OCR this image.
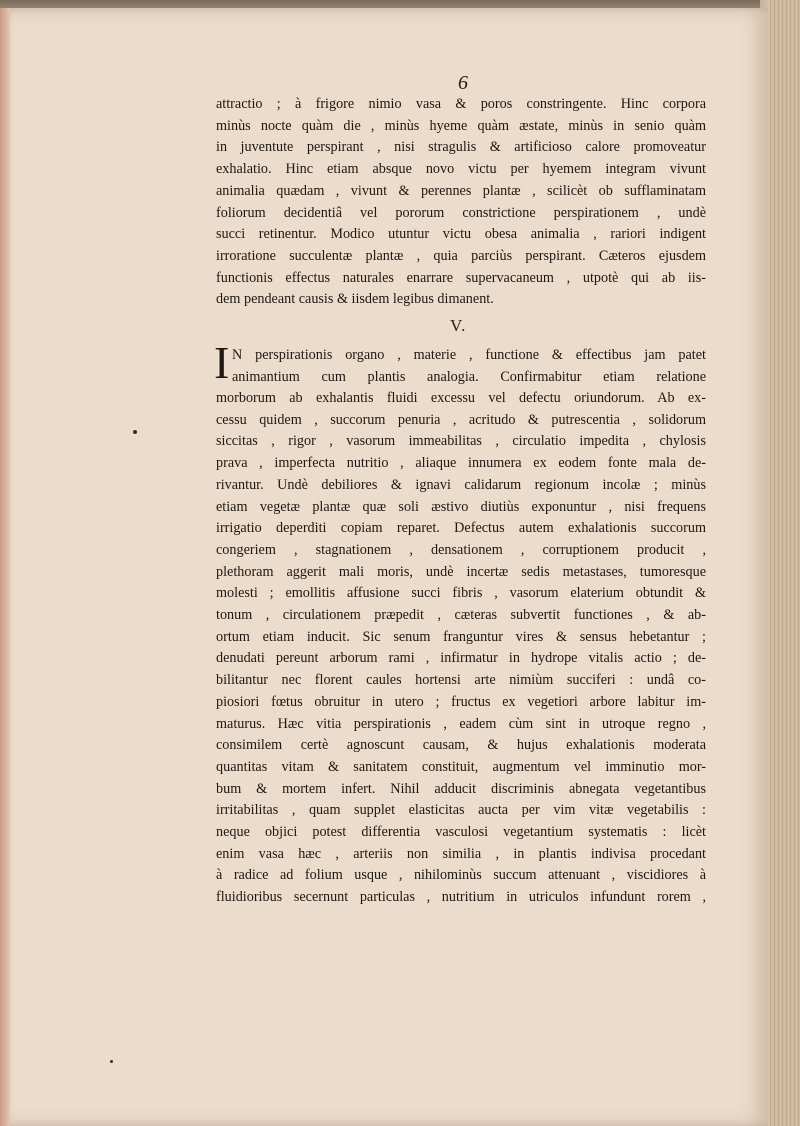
6
attractio ; à frigore nimio vasa & poros constringente. Hinc corpora
minùs nocte quàm die , minùs hyeme quàm æstate, minùs in senio quàm
in juventute perspirant , nisi stragulis & artificioso calore promoveatur
exhalatio. Hinc etiam absque novo victu per hyemem integram vivunt
animalia quædam , vivunt & perennes plantæ , scilicèt ob sufflaminatam
foliorum decidentiâ vel pororum constrictione perspirationem , undè
succi retinentur. Modico utuntur victu obesa animalia , rariori indigent
irroratione succulentæ plantæ , quia parciùs perspirant. Cæteros ejusdem
functionis effectus naturales enarrare supervacaneum , utpotè qui ab iis-
dem pendeant causis & iisdem legibus dimanent.
V.
I N perspirationis organo , materie , functione & effectibus jam patet
animantium cum plantis analogia. Confirmabitur etiam relatione
morborum ab exhalantis fluidi excessu vel defectu oriundorum. Ab ex-
cessu quidem , succorum penuria , acritudo & putrescentia , solidorum
siccitas , rigor , vasorum immeabilitas , circulatio impedita , chylosis
prava , imperfecta nutritio , aliaque innumera ex eodem fonte mala de-
rivantur. Undè debiliores & ignavi calidarum regionum incolæ ; minùs
etiam vegetæ plantæ quæ soli æstivo diutiùs exponuntur , nisi frequens
irrigatio deperditi copiam reparet. Defectus autem exhalationis succorum
congeriem , stagnationem , densationem , corruptionem producit ,
plethoram aggerit mali moris, undè incertæ sedis metastases, tumoresque
molesti ; emollitis affusione succi fibris , vasorum elaterium obtundit &
tonum , circulationem præpedit , cæteras subvertit functiones , & ab-
ortum etiam inducit. Sic senum franguntur vires & sensus hebetantur ;
denudati pereunt arborum rami , infirmatur in hydrope vitalis actio ; de-
bilitantur nec florent caules hortensi arte nimiùm succiferi : undâ co-
piosiori fœtus obruitur in utero ; fructus ex vegetiori arbore labitur im-
maturus. Hæc vitia perspirationis , eadem cùm sint in utroque regno ,
consimilem certè agnoscunt causam, & hujus exhalationis moderata
quantitas vitam & sanitatem constituit, augmentum vel imminutio mor-
bum & mortem infert. Nihil adducit discriminis abnegata vegetantibus
irritabilitas , quam supplet elasticitas aucta per vim vitæ vegetabilis :
neque objici potest differentia vasculosi vegetantium systematis : licèt
enim vasa hæc , arteriis non similia , in plantis indivisa procedant
à radice ad folium usque , nihilominùs succum attenuant , viscidiores à
fluidioribus secernunt particulas , nutritium in utriculos infundunt rorem ,
